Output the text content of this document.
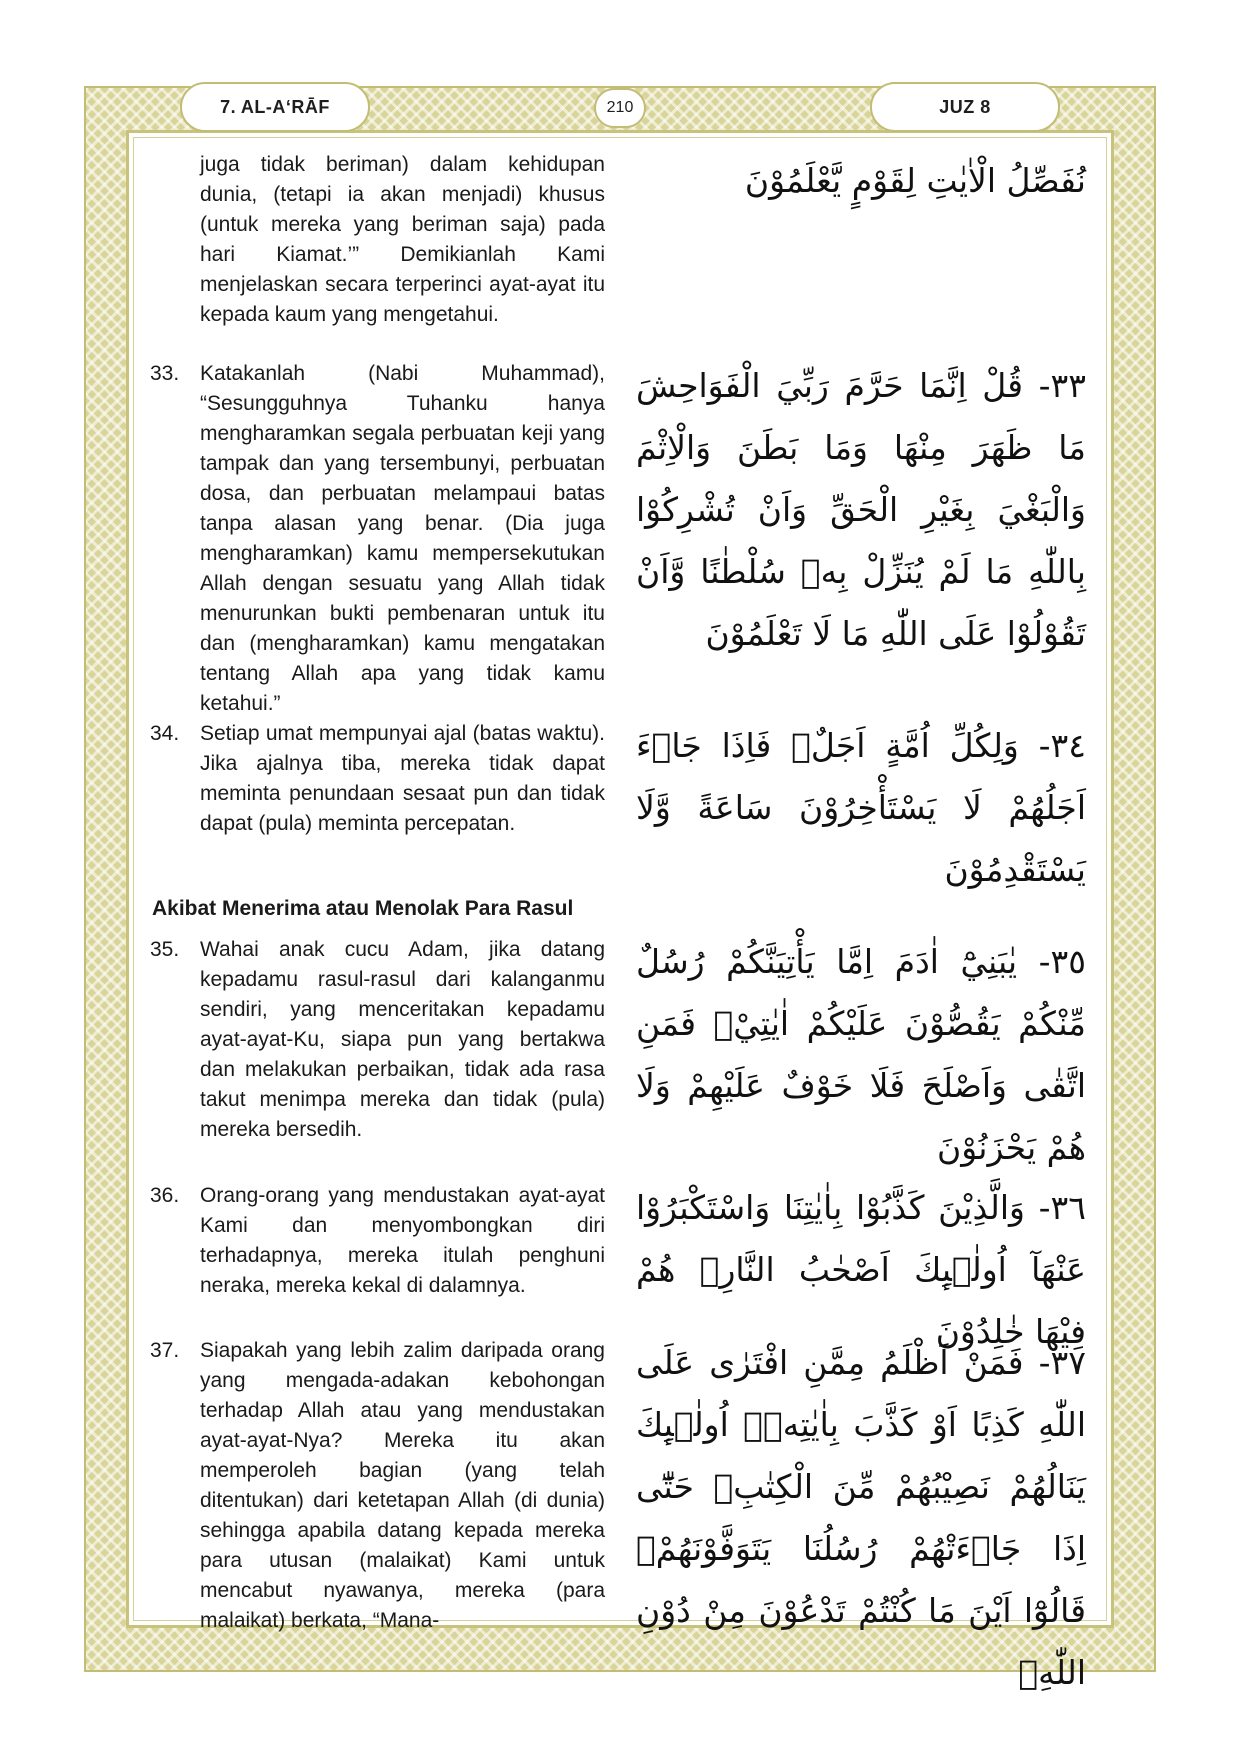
7. AL-A‘RĀF	210	JUZ 8
juga tidak beriman) dalam kehidupan dunia, (tetapi ia akan menjadi) khusus (untuk mereka yang beriman saja) pada hari Kiamat.’” Demikianlah Kami menjelaskan secara terperinci ayat-ayat itu kepada kaum yang mengetahui.
نُفَصِّلُ الْاٰيٰتِ لِقَوْمٍ يَّعْلَمُوْنَ
33. Katakanlah (Nabi Muhammad), “Sesungguhnya Tuhanku hanya mengharamkan segala perbuatan keji yang tampak dan yang tersembunyi, perbuatan dosa, dan perbuatan melampaui batas tanpa alasan yang benar. (Dia juga mengharamkan) kamu mempersekutukan Allah dengan sesuatu yang Allah tidak menurunkan bukti pembenaran untuk itu dan (mengharamkan) kamu mengatakan tentang Allah apa yang tidak kamu ketahui.”
٣٣- قُلْ اِنَّمَا حَرَّمَ رَبِّيَ الْفَوَاحِشَ مَا ظَهَرَ مِنْهَا وَمَا بَطَنَ وَالْاِثْمَ وَالْبَغْيَ بِغَيْرِ الْحَقِّ وَاَنْ تُشْرِكُوْا بِاللّٰهِ مَا لَمْ يُنَزِّلْ بِهٖ سُلْطٰنًا وَّاَنْ تَقُوْلُوْا عَلَى اللّٰهِ مَا لَا تَعْلَمُوْنَ
34. Setiap umat mempunyai ajal (batas waktu). Jika ajalnya tiba, mereka tidak dapat meminta penundaan sesaat pun dan tidak dapat (pula) meminta percepatan.
٣٤- وَلِكُلِّ اُمَّةٍ اَجَلٌۚ فَاِذَا جَاۤءَ اَجَلُهُمْ لَا يَسْتَأْخِرُوْنَ سَاعَةً وَّلَا يَسْتَقْدِمُوْنَ
Akibat Menerima atau Menolak Para Rasul
35. Wahai anak cucu Adam, jika datang kepadamu rasul-rasul dari kalanganmu sendiri, yang menceritakan kepadamu ayat-ayat-Ku, siapa pun yang bertakwa dan melakukan perbaikan, tidak ada rasa takut menimpa mereka dan tidak (pula) mereka bersedih.
٣٥- يٰبَنِيْٓ اٰدَمَ اِمَّا يَأْتِيَنَّكُمْ رُسُلٌ مِّنْكُمْ يَقُصُّوْنَ عَلَيْكُمْ اٰيٰتِيْۙ فَمَنِ اتَّقٰى وَاَصْلَحَ فَلَا خَوْفٌ عَلَيْهِمْ وَلَا هُمْ يَحْزَنُوْنَ
36. Orang-orang yang mendustakan ayat-ayat Kami dan menyombongkan diri terhadapnya, mereka itulah penghuni neraka, mereka kekal di dalamnya.
٣٦- وَالَّذِيْنَ كَذَّبُوْا بِاٰيٰتِنَا وَاسْتَكْبَرُوْا عَنْهَآ اُولٰۤىِٕكَ اَصْحٰبُ النَّارِۚ هُمْ فِيْهَا خٰلِدُوْنَ
37. Siapakah yang lebih zalim daripada orang yang mengada-adakan kebohongan terhadap Allah atau yang mendustakan ayat-ayat-Nya? Mereka itu akan memperoleh bagian (yang telah ditentukan) dari ketetapan Allah (di dunia) sehingga apabila datang kepada mereka para utusan (malaikat) Kami untuk mencabut nyawanya, mereka (para malaikat) berkata, “Mana-
٣٧- فَمَنْ اَظْلَمُ مِمَّنِ افْتَرٰى عَلَى اللّٰهِ كَذِبًا اَوْ كَذَّبَ بِاٰيٰتِهٖۗ اُولٰۤىِٕكَ يَنَالُهُمْ نَصِيْبُهُمْ مِّنَ الْكِتٰبِۗ حَتّٰٓى اِذَا جَاۤءَتْهُمْ رُسُلُنَا يَتَوَفَّوْنَهُمْۙ قَالُوْٓا اَيْنَ مَا كُنْتُمْ تَدْعُوْنَ مِنْ دُوْنِ اللّٰهِۗ
